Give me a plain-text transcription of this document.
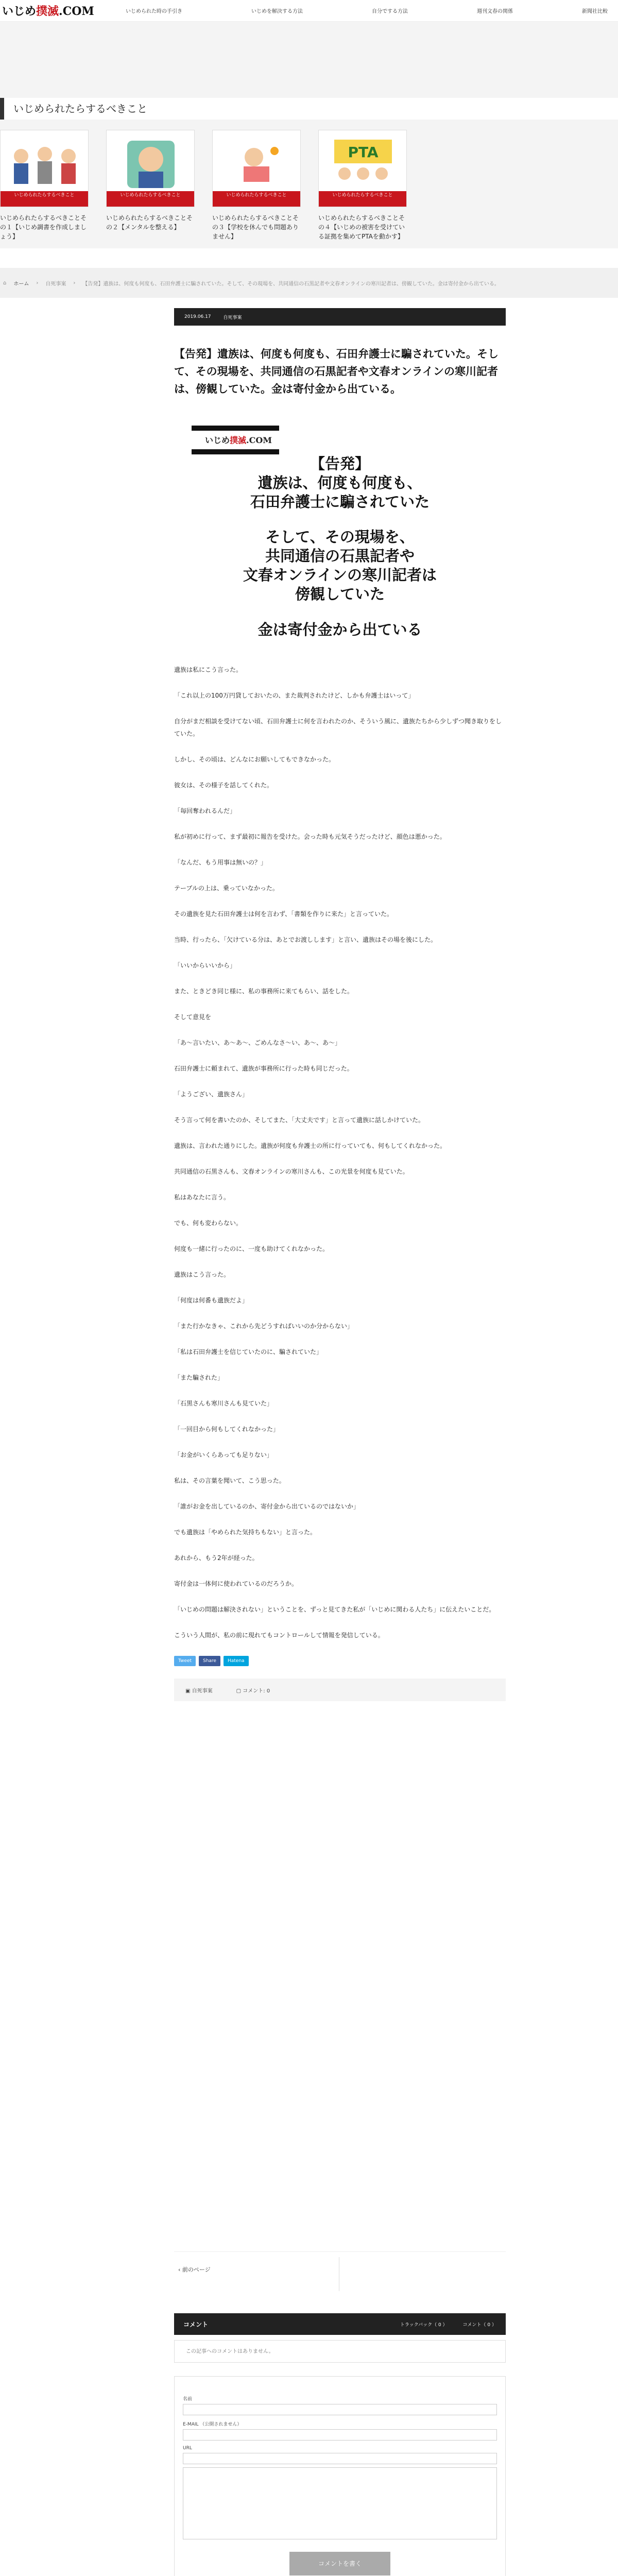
いじめ撲滅.COM	いじめられた時の手引き	いじめを解決する方法	自分でする方法	週刊文春の関係	新聞社比較
いじめられたらするべきこと
いじめられたらするべきこと

いじめられたらするべきことその１【いじめ調書を作成しましょう】

いじめられたらするべきこと

いじめられたらするべきことその２【メンタルを整える】

いじめられたらするべきこと

いじめられたらするべきことその３【学校を休んでも問題ありません】

PTA
いじめられたらするべきこと

いじめられたらするべきことその４【いじめの被害を受けている証拠を集めてPTAを動かす】

⌂ ホーム › 自死事案 › 【告発】遺族は、何度も何度も、石田弁護士に騙されていた。そして、その現場を、共同通信の石黒記者や文春オンラインの寒川記者は、傍観していた。金は寄付金から出ている。
2019.06.17	自死事案
【告発】遺族は、何度も何度も、石田弁護士に騙されていた。そして、その現場を、共同通信の石黒記者や文春オンラインの寒川記者は、傍観していた。金は寄付金から出ている。
いじめ撲滅.COM
【告発】
遺族は、何度も何度も、
石田弁護士に騙されていた
そして、その現場を、
共同通信の石黒記者や
文春オンラインの寒川記者は
傍観していた
金は寄付金から出ている

遺族は私にこう言った。

「これ以上の100万円貸しておいたの、また裁判されたけど、しかも弁護士はいって」

自分がまだ相談を受けてない頃、石田弁護士に何を言われたのか、そういう風に、遺族たちから少しずつ聞き取りをしていた。

しかし、その頃は、どんなにお願いしてもできなかった。

彼女は、その様子を話してくれた。

「毎回奪われるんだ」

私が初めに行って、まず最初に報告を受けた。会った時も元気そうだったけど、顔色は悪かった。

「なんだ、もう用事は無いの？」

テーブルの上は、乗っていなかった。

その遺族を見た石田弁護士は何を言わず、「書類を作りに来た」と言っていた。

当時、行ったら、「欠けている分は、あとでお渡しします」と言い、遺族はその場を後にした。

「いいからいいから」

また、ときどき同じ様に、私の事務所に来てもらい、話をした。

そして意見を

「あ～言いたい、あ～あ～、ごめんなさ～い、あ～、あ～」

石田弁護士に頼まれて、遺族が事務所に行った時も同じだった。

「ようござい、遺族さん」

そう言って何を書いたのか、そしてまた、「大丈夫です」と言って遺族に話しかけていた。

遺族は、言われた通りにした。遺族が何度も弁護士の所に行っていても、何もしてくれなかった。

共同通信の石黒さんも、文春オンラインの寒川さんも、この光景を何度も見ていた。

私はあなたに言う。

でも、何も変わらない。

何度も一緒に行ったのに、一度も助けてくれなかった。

遺族はこう言った。

「何度は何番も遺族だよ」

「また行かなきゃ、これから先どうすればいいのか分からない」

「私は石田弁護士を信じていたのに、騙されていた」

「また騙された」

「石黒さんも寒川さんも見ていた」

「一回目から何もしてくれなかった」

「お金がいくらあっても足りない」

私は、その言葉を聞いて、こう思った。

「誰がお金を出しているのか、寄付金から出ているのではないか」

でも遺族は「やめられた気持ちもない」と言った。

あれから、もう2年が経った。

寄付金は一体何に使われているのだろうか。

「いじめの問題は解決されない」ということを、ずっと見てきた私が「いじめに関わる人たち」に伝えたいことだ。

こういう人間が、私の前に現れてもコントロールして情報を発信している。

Tweet	Share	Hatena
▣ 自死事案	▢ コメント: 0
‹ 前のページ
コメント	トラックバック（ 0 ）	コメント（ 0 ）
この記事へのコメントはありません。
名前
E-MAIL （公開されません）
URL
コメントを書く
